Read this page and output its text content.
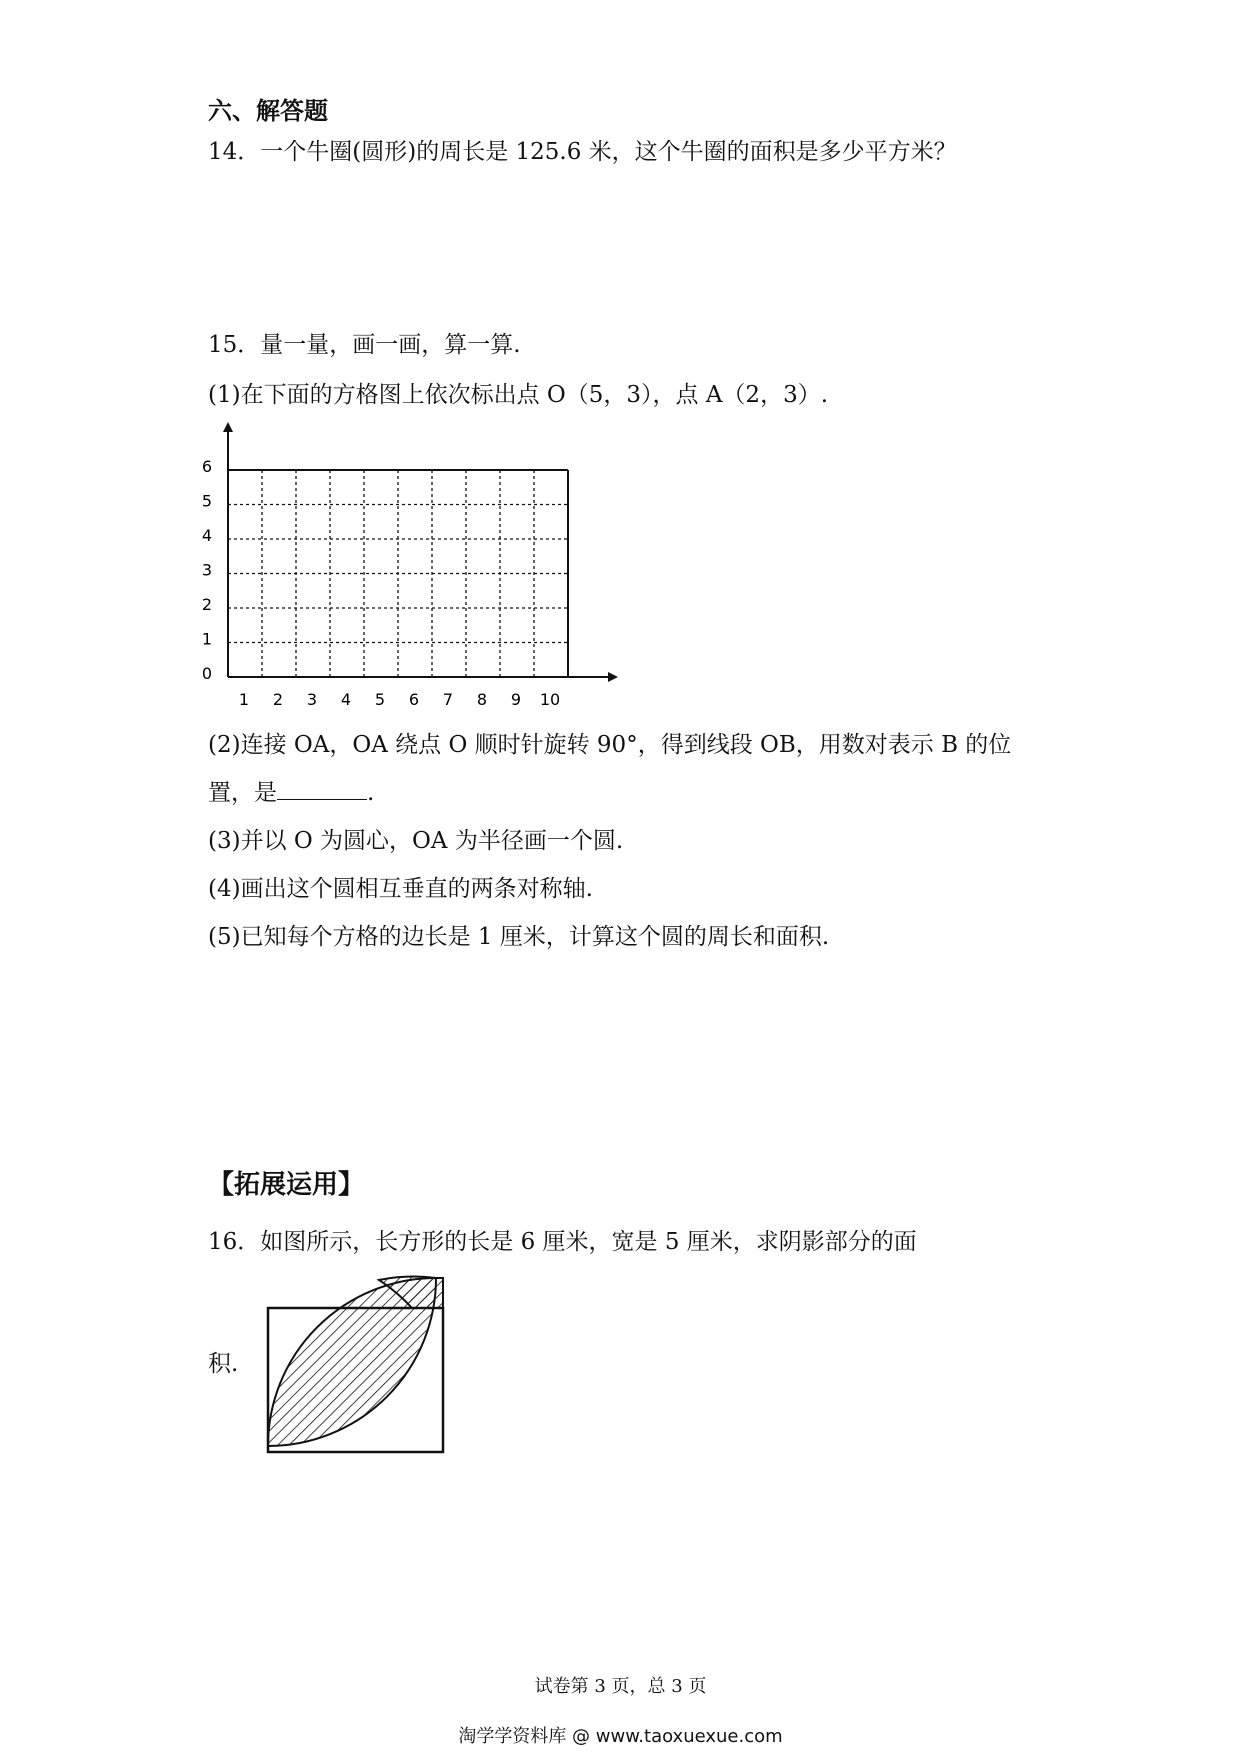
六、解答题
14．一个牛圈(圆形)的周长是 125.6 米，这个牛圈的面积是多少平方米？
15．量一量，画一画，算一算.
(1)在下面的方格图上依次标出点 O（5，3），点 A（2，3）.
1 2 3 4 5 6 7 8 9 10
0
1
2
3
4
5
6
(2)连接 OA，OA 绕点 O 顺时针旋转 90°，得到线段 OB，用数对表示 B 的位
置，是	.
(3)并以 O 为圆心，OA 为半径画一个圆.
(4)画出这个圆相互垂直的两条对称轴.
(5)已知每个方格的边长是 1 厘米，计算这个圆的周长和面积.
【拓展运用】
16．如图所示，长方形的长是 6 厘米，宽是 5 厘米，求阴影部分的面
积.
试卷第 3 页，总 3 页
淘学学资料库 @ www.taoxuexue.com
